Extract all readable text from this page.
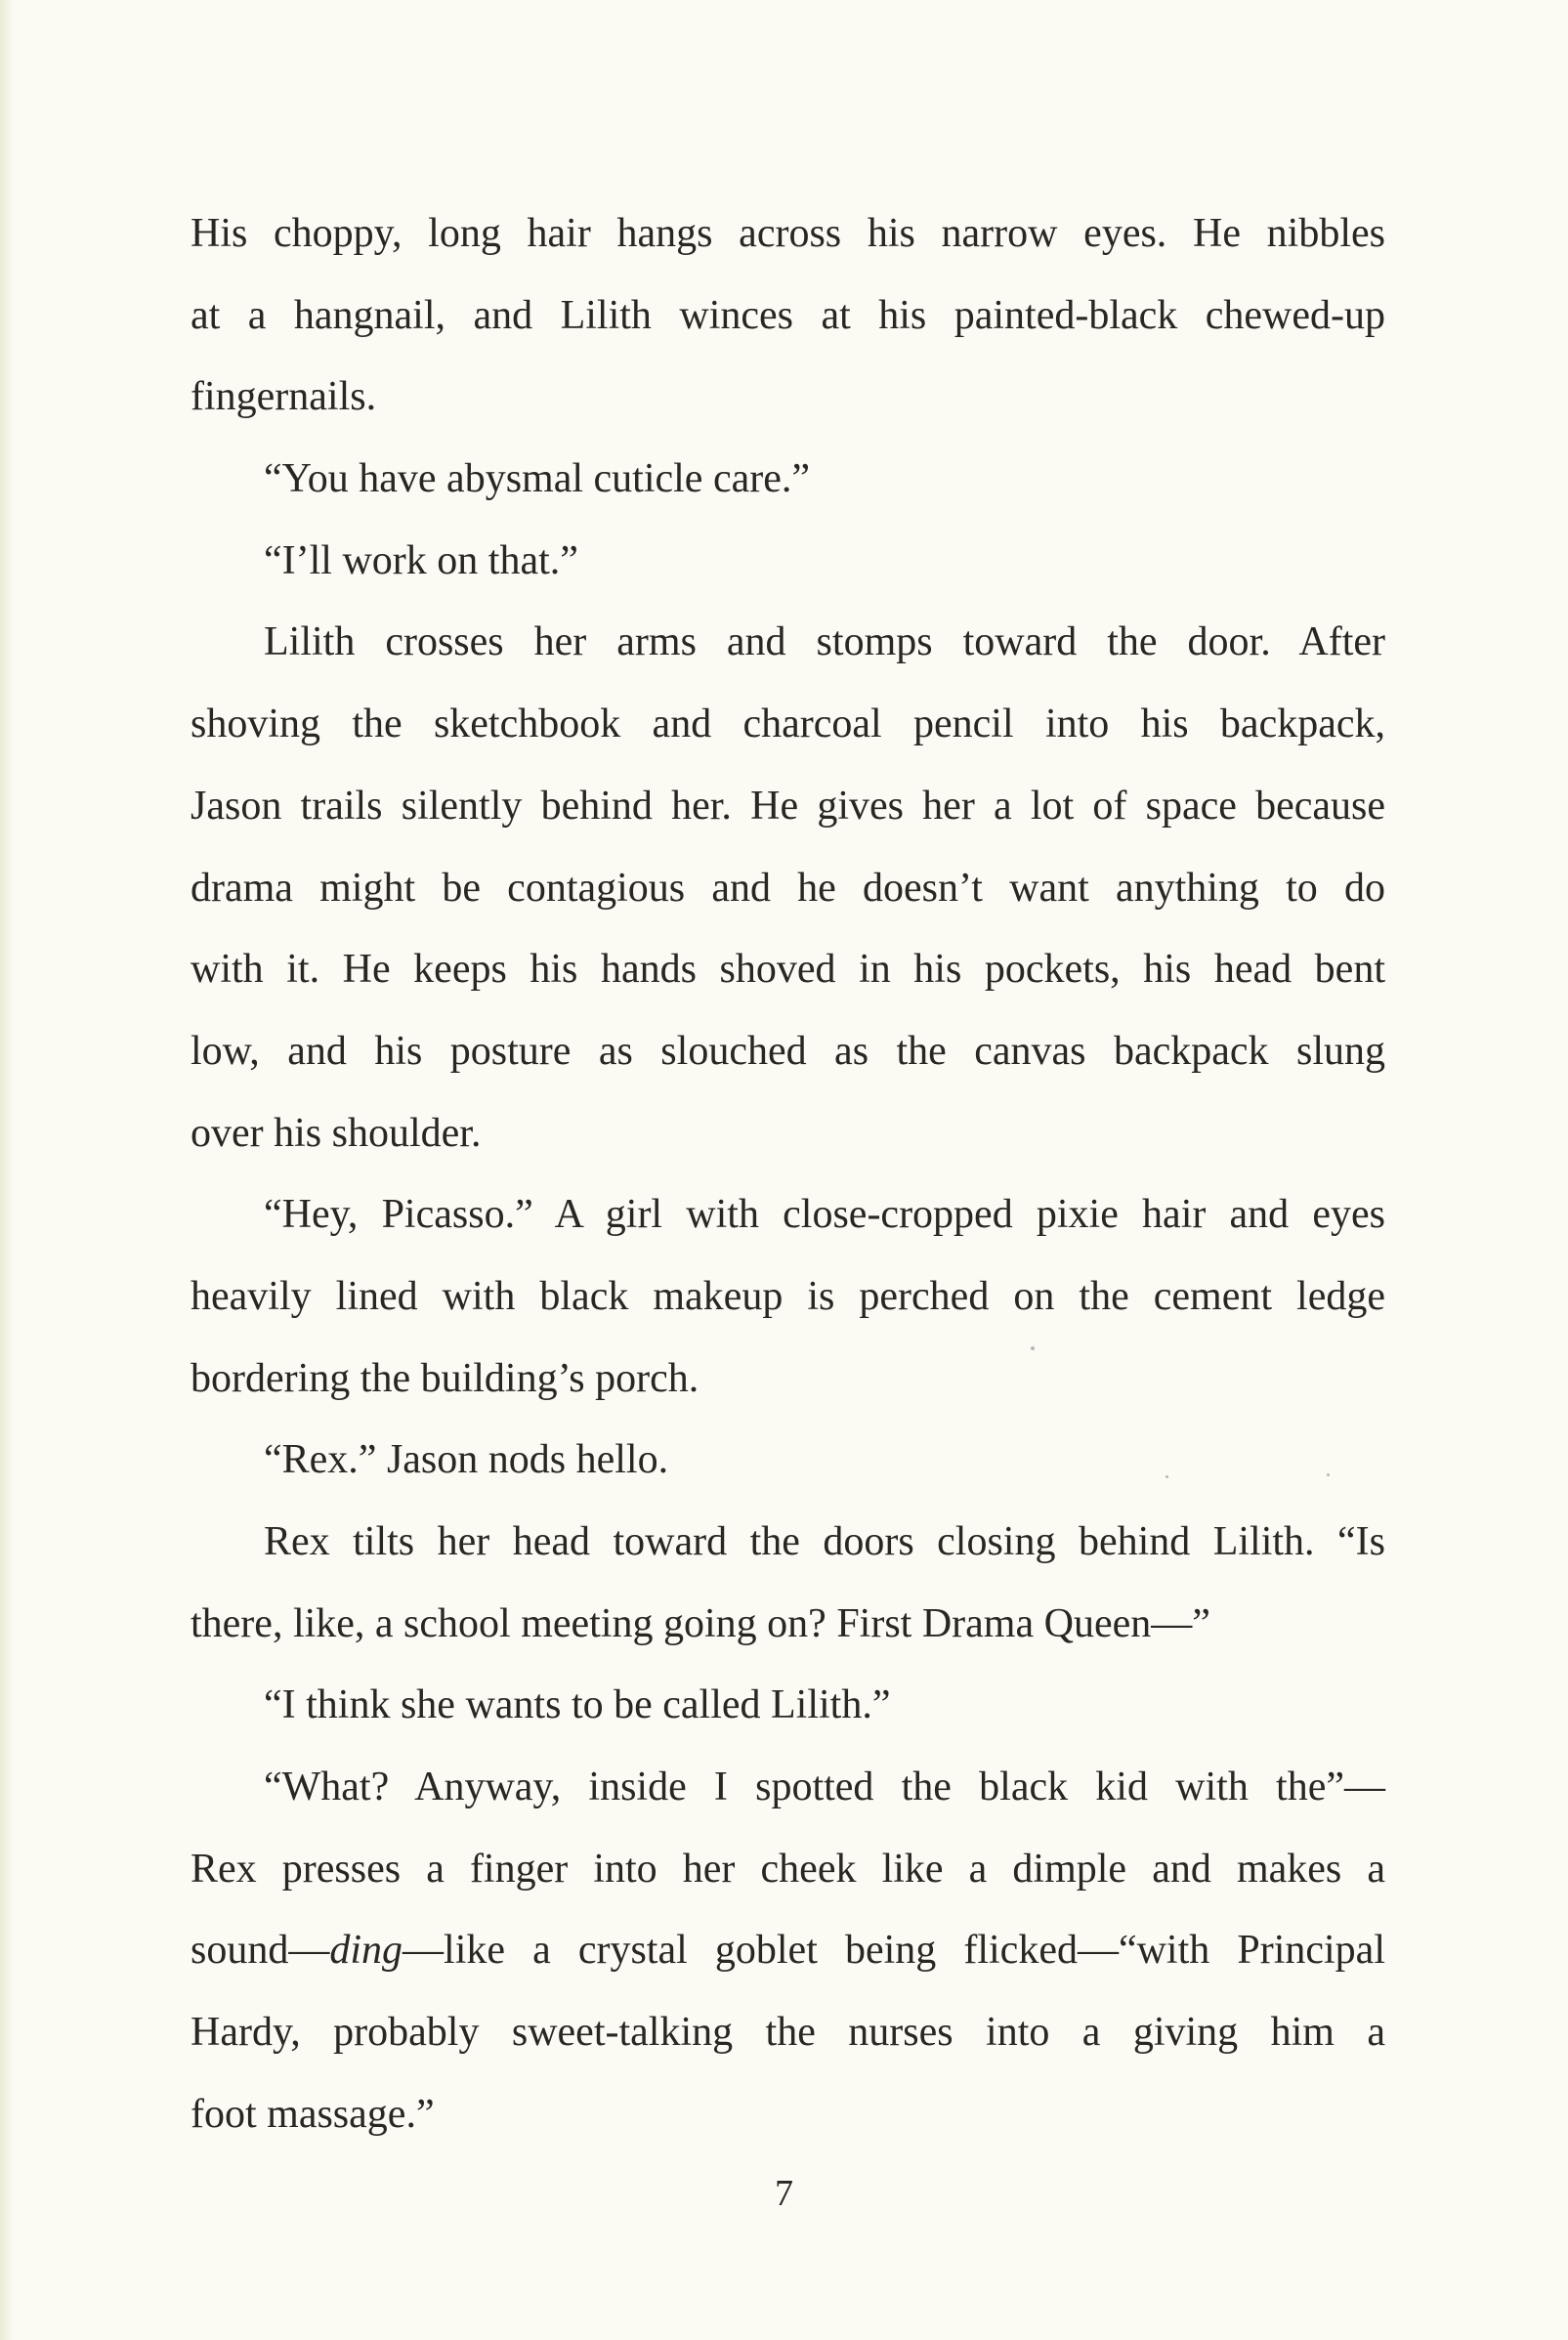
His choppy, long hair hangs across his narrow eyes. He nibbles
at a hangnail, and Lilith winces at his painted-black chewed-up
fingernails.
“You have abysmal cuticle care.”
“I’ll work on that.”
Lilith crosses her arms and stomps toward the door. After
shoving the sketchbook and charcoal pencil into his backpack,
Jason trails silently behind her. He gives her a lot of space because
drama might be contagious and he doesn’t want anything to do
with it. He keeps his hands shoved in his pockets, his head bent
low, and his posture as slouched as the canvas backpack slung
over his shoulder.
“Hey, Picasso.” A girl with close-cropped pixie hair and eyes
heavily lined with black makeup is perched on the cement ledge
bordering the building’s porch.
“Rex.” Jason nods hello.
Rex tilts her head toward the doors closing behind Lilith. “Is
there, like, a school meeting going on? First Drama Queen—”
“I think she wants to be called Lilith.”
“What? Anyway, inside I spotted the black kid with the”—
Rex presses a finger into her cheek like a dimple and makes a
sound—ding—like a crystal goblet being flicked—“with Principal
Hardy, probably sweet-talking the nurses into a giving him a
foot massage.”
7
